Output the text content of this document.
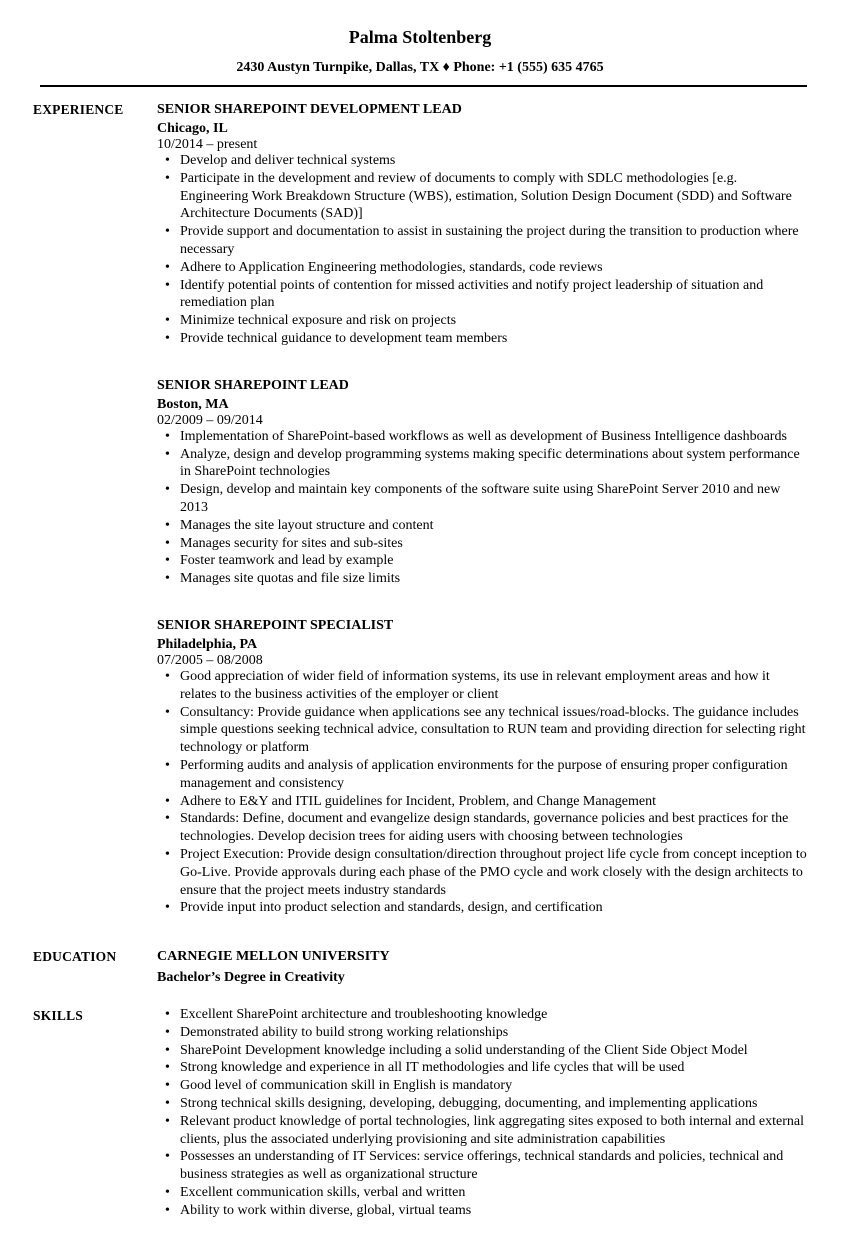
Palma Stoltenberg

2430 Austyn Turnpike, Dallas, TX ♦ Phone: +1 (555) 635 4765

EXPERIENCE	SENIOR SHAREPOINT DEVELOPMENT LEAD
Chicago, IL
10/2014 – present
• Develop and deliver technical systems
• Participate in the development and review of documents to comply with SDLC methodologies [e.g. Engineering Work Breakdown Structure (WBS), estimation, Solution Design Document (SDD) and Software Architecture Documents (SAD)]
• Provide support and documentation to assist in sustaining the project during the transition to production where necessary
• Adhere to Application Engineering methodologies, standards, code reviews
• Identify potential points of contention for missed activities and notify project leadership of situation and remediation plan
• Minimize technical exposure and risk on projects
• Provide technical guidance to development team members
SENIOR SHAREPOINT LEAD
Boston, MA
02/2009 – 09/2014
• Implementation of SharePoint-based workflows as well as development of Business Intelligence dashboards
• Analyze, design and develop programming systems making specific determinations about system performance in SharePoint technologies
• Design, develop and maintain key components of the software suite using SharePoint Server 2010 and new 2013
• Manages the site layout structure and content
• Manages security for sites and sub-sites
• Foster teamwork and lead by example
• Manages site quotas and file size limits
SENIOR SHAREPOINT SPECIALIST
Philadelphia, PA
07/2005 – 08/2008
• Good appreciation of wider field of information systems, its use in relevant employment areas and how it relates to the business activities of the employer or client
• Consultancy: Provide guidance when applications see any technical issues/road-blocks. The guidance includes simple questions seeking technical advice, consultation to RUN team and providing direction for selecting right technology or platform
• Performing audits and analysis of application environments for the purpose of ensuring proper configuration management and consistency
• Adhere to E&Y and ITIL guidelines for Incident, Problem, and Change Management
• Standards: Define, document and evangelize design standards, governance policies and best practices for the technologies. Develop decision trees for aiding users with choosing between technologies
• Project Execution: Provide design consultation/direction throughout project life cycle from concept inception to Go-Live. Provide approvals during each phase of the PMO cycle and work closely with the design architects to ensure that the project meets industry standards
• Provide input into product selection and standards, design, and certification
EDUCATION	CARNEGIE MELLON UNIVERSITY
Bachelor’s Degree in Creativity
SKILLS	• Excellent SharePoint architecture and troubleshooting knowledge
• Demonstrated ability to build strong working relationships
• SharePoint Development knowledge including a solid understanding of the Client Side Object Model
• Strong knowledge and experience in all IT methodologies and life cycles that will be used
• Good level of communication skill in English is mandatory
• Strong technical skills designing, developing, debugging, documenting, and implementing applications
• Relevant product knowledge of portal technologies, link aggregating sites exposed to both internal and external clients, plus the associated underlying provisioning and site administration capabilities
• Possesses an understanding of IT Services: service offerings, technical standards and policies, technical and business strategies as well as organizational structure
• Excellent communication skills, verbal and written
• Ability to work within diverse, global, virtual teams
